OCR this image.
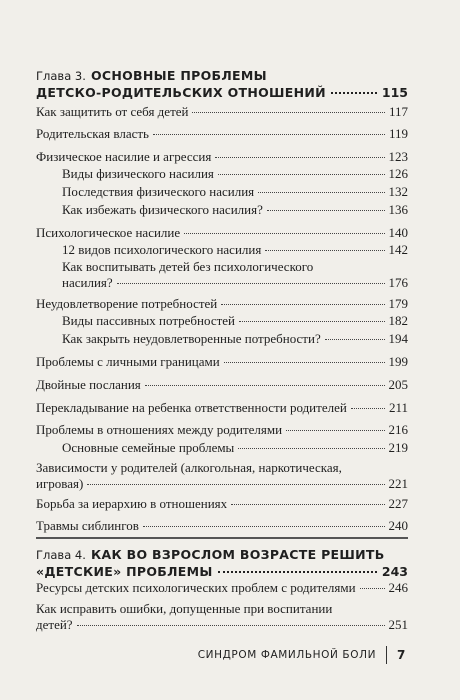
Глава 3. ОСНОВНЫЕ ПРОБЛЕМЫ
ДЕТСКО-РОДИТЕЛЬСКИХ ОТНОШЕНИЙ	115
Как защитить от себя детей	117
Родительская власть	119
Физическое насилие и агрессия	123
Виды физического насилия	126
Последствия физического насилия	132
Как избежать физического насилия?	136
Психологическое насилие	140
12 видов психологического насилия	142
Как воспитывать детей без психологического
насилия?	176
Неудовлетворение потребностей	179
Виды пассивных потребностей	182
Как закрыть неудовлетворенные потребности?	194
Проблемы с личными границами	199
Двойные послания	205
Перекладывание на ребенка ответственности родителей	211
Проблемы в отношениях между родителями	216
Основные семейные проблемы	219
Зависимости у родителей (алкогольная, наркотическая,
игровая)	221
Борьба за иерархию в отношениях	227
Травмы сиблингов	240
Глава 4. КАК ВО ВЗРОСЛОМ ВОЗРАСТЕ РЕШИТЬ
«ДЕТСКИЕ» ПРОБЛЕМЫ	243
Ресурсы детских психологических проблем с родителями	246
Как исправить ошибки, допущенные при воспитании
детей?	251
СИНДРОМ ФАМИЛЬНОЙ БОЛИ 7
